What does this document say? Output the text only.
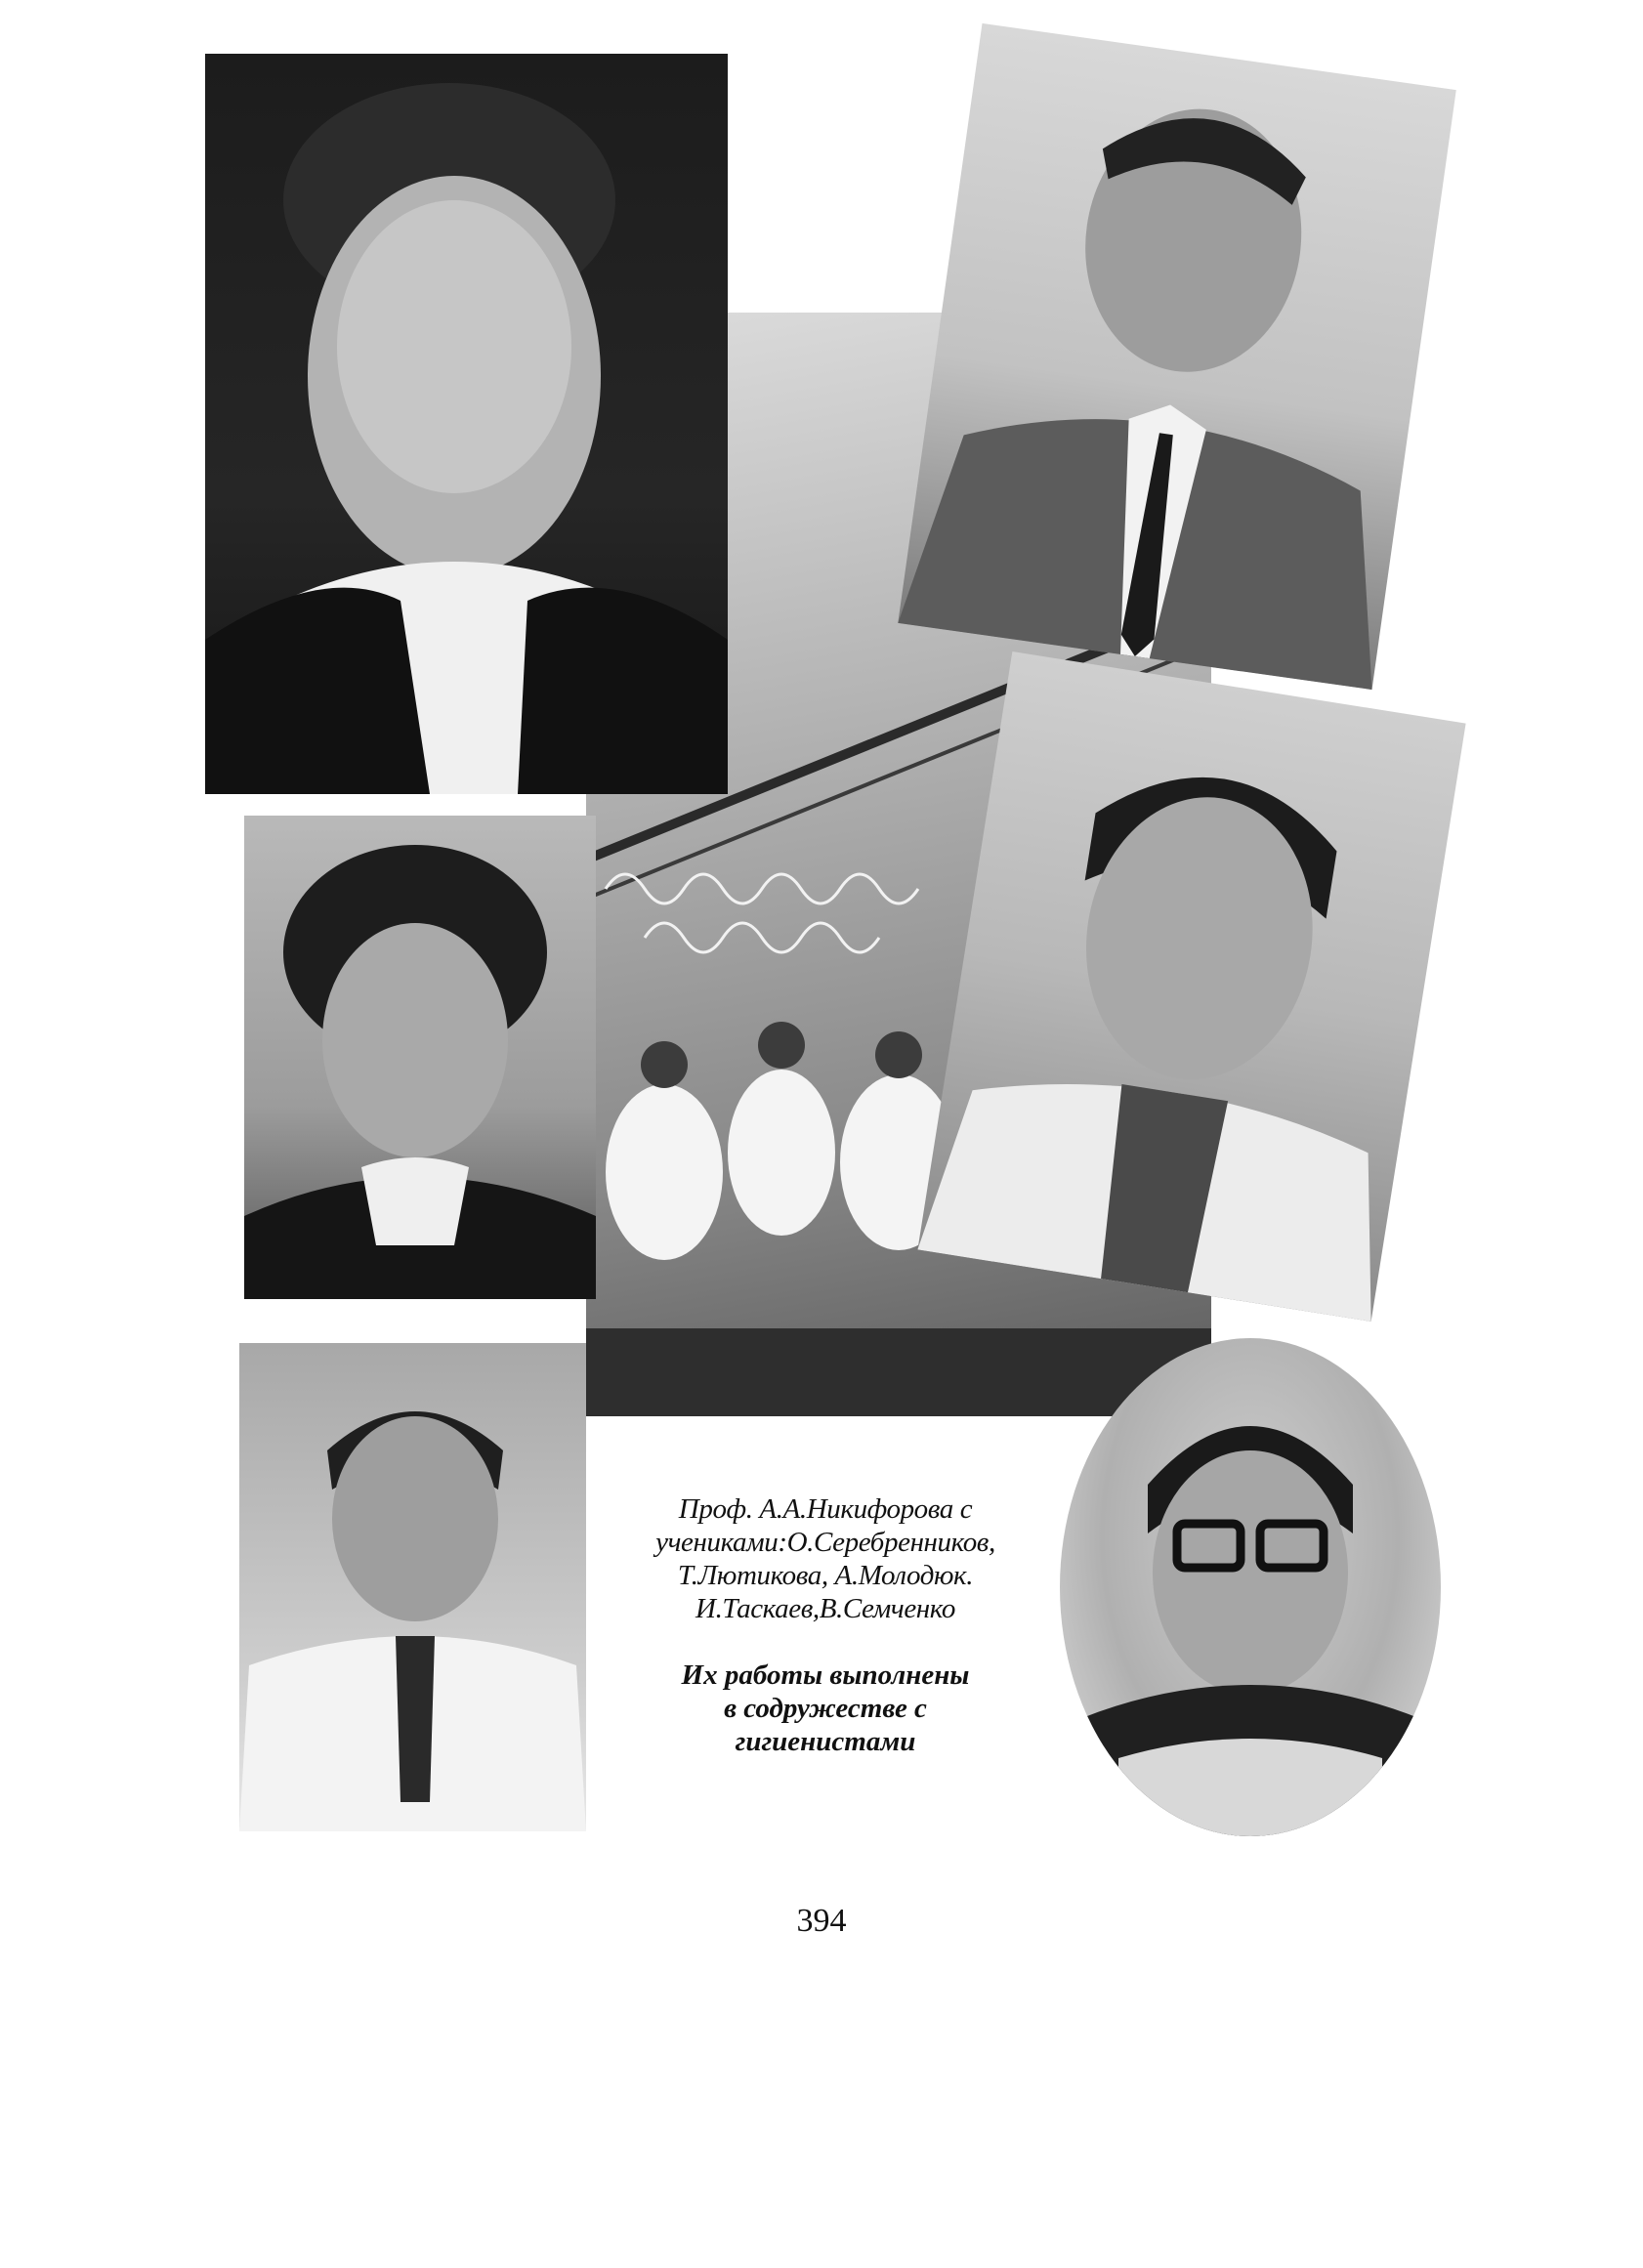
Проф. А.А.Никифорова с
учениками:О.Серебренников,
Т.Лютикова, А.Молодюк.
И.Таскаев,В.Семченко
Их работы выполнены
в содружестве с
гигиенистами
394
